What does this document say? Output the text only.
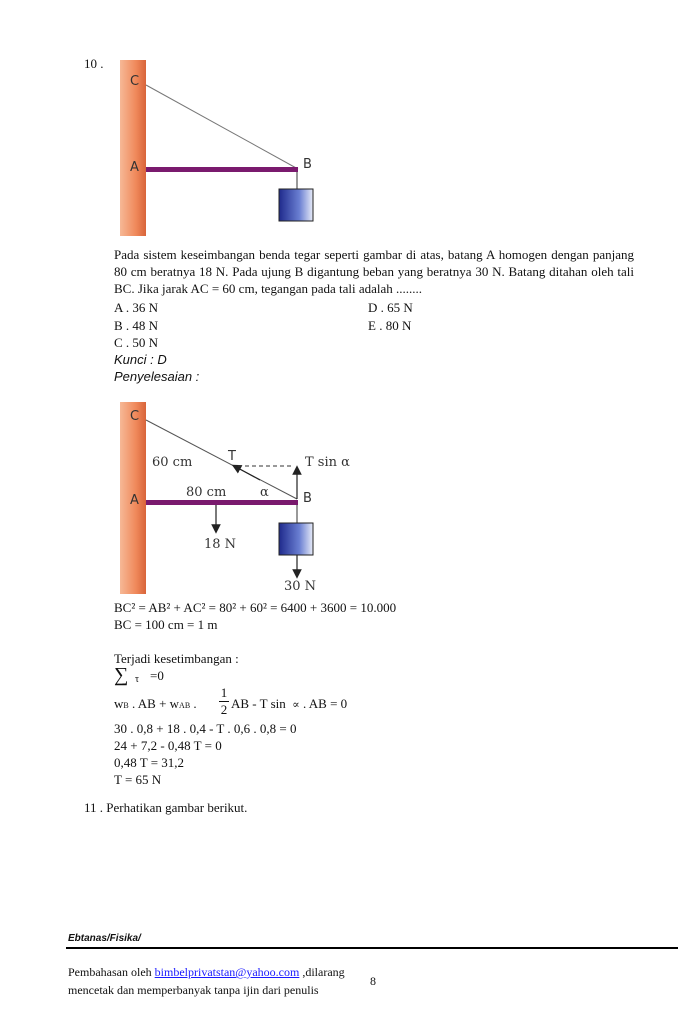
10 .
C
A	B
Pada sistem keseimbangan benda tegar seperti gambar di atas, batang A homogen dengan panjang 80 cm beratnya 18 N. Pada ujung B digantung beban yang beratnya 30 N. Batang ditahan oleh tali BC. Jika jarak AC = 60 cm, tegangan pada tali adalah ........
A . 36 N
B . 48 N
C . 50 N
D . 65 N
E . 80 N
Kunci : D
Penyelesaian :
C
A	B
T	T sin α
60 cm
80 cm	α
18 N
30 N
BC² = AB² + AC² = 80² + 60² = 6400 + 3600 = 10.000
BC = 100 cm = 1 m
Terjadi kesetimbangan :
∑ τ =0
wB . AB + wAB .
1
2 AB - T sin ∝ . AB = 0
30 . 0,8 + 18 . 0,4 - T . 0,6 . 0,8 = 0
24 + 7,2 - 0,48 T = 0
0,48 T = 31,2
T = 65 N
11 . Perhatikan gambar berikut.
Ebtanas/Fisika/
Pembahasan oleh bimbelprivatstan@yahoo.com ,dilarang
mencetak dan memperbanyak tanpa ijin dari penulis
8
